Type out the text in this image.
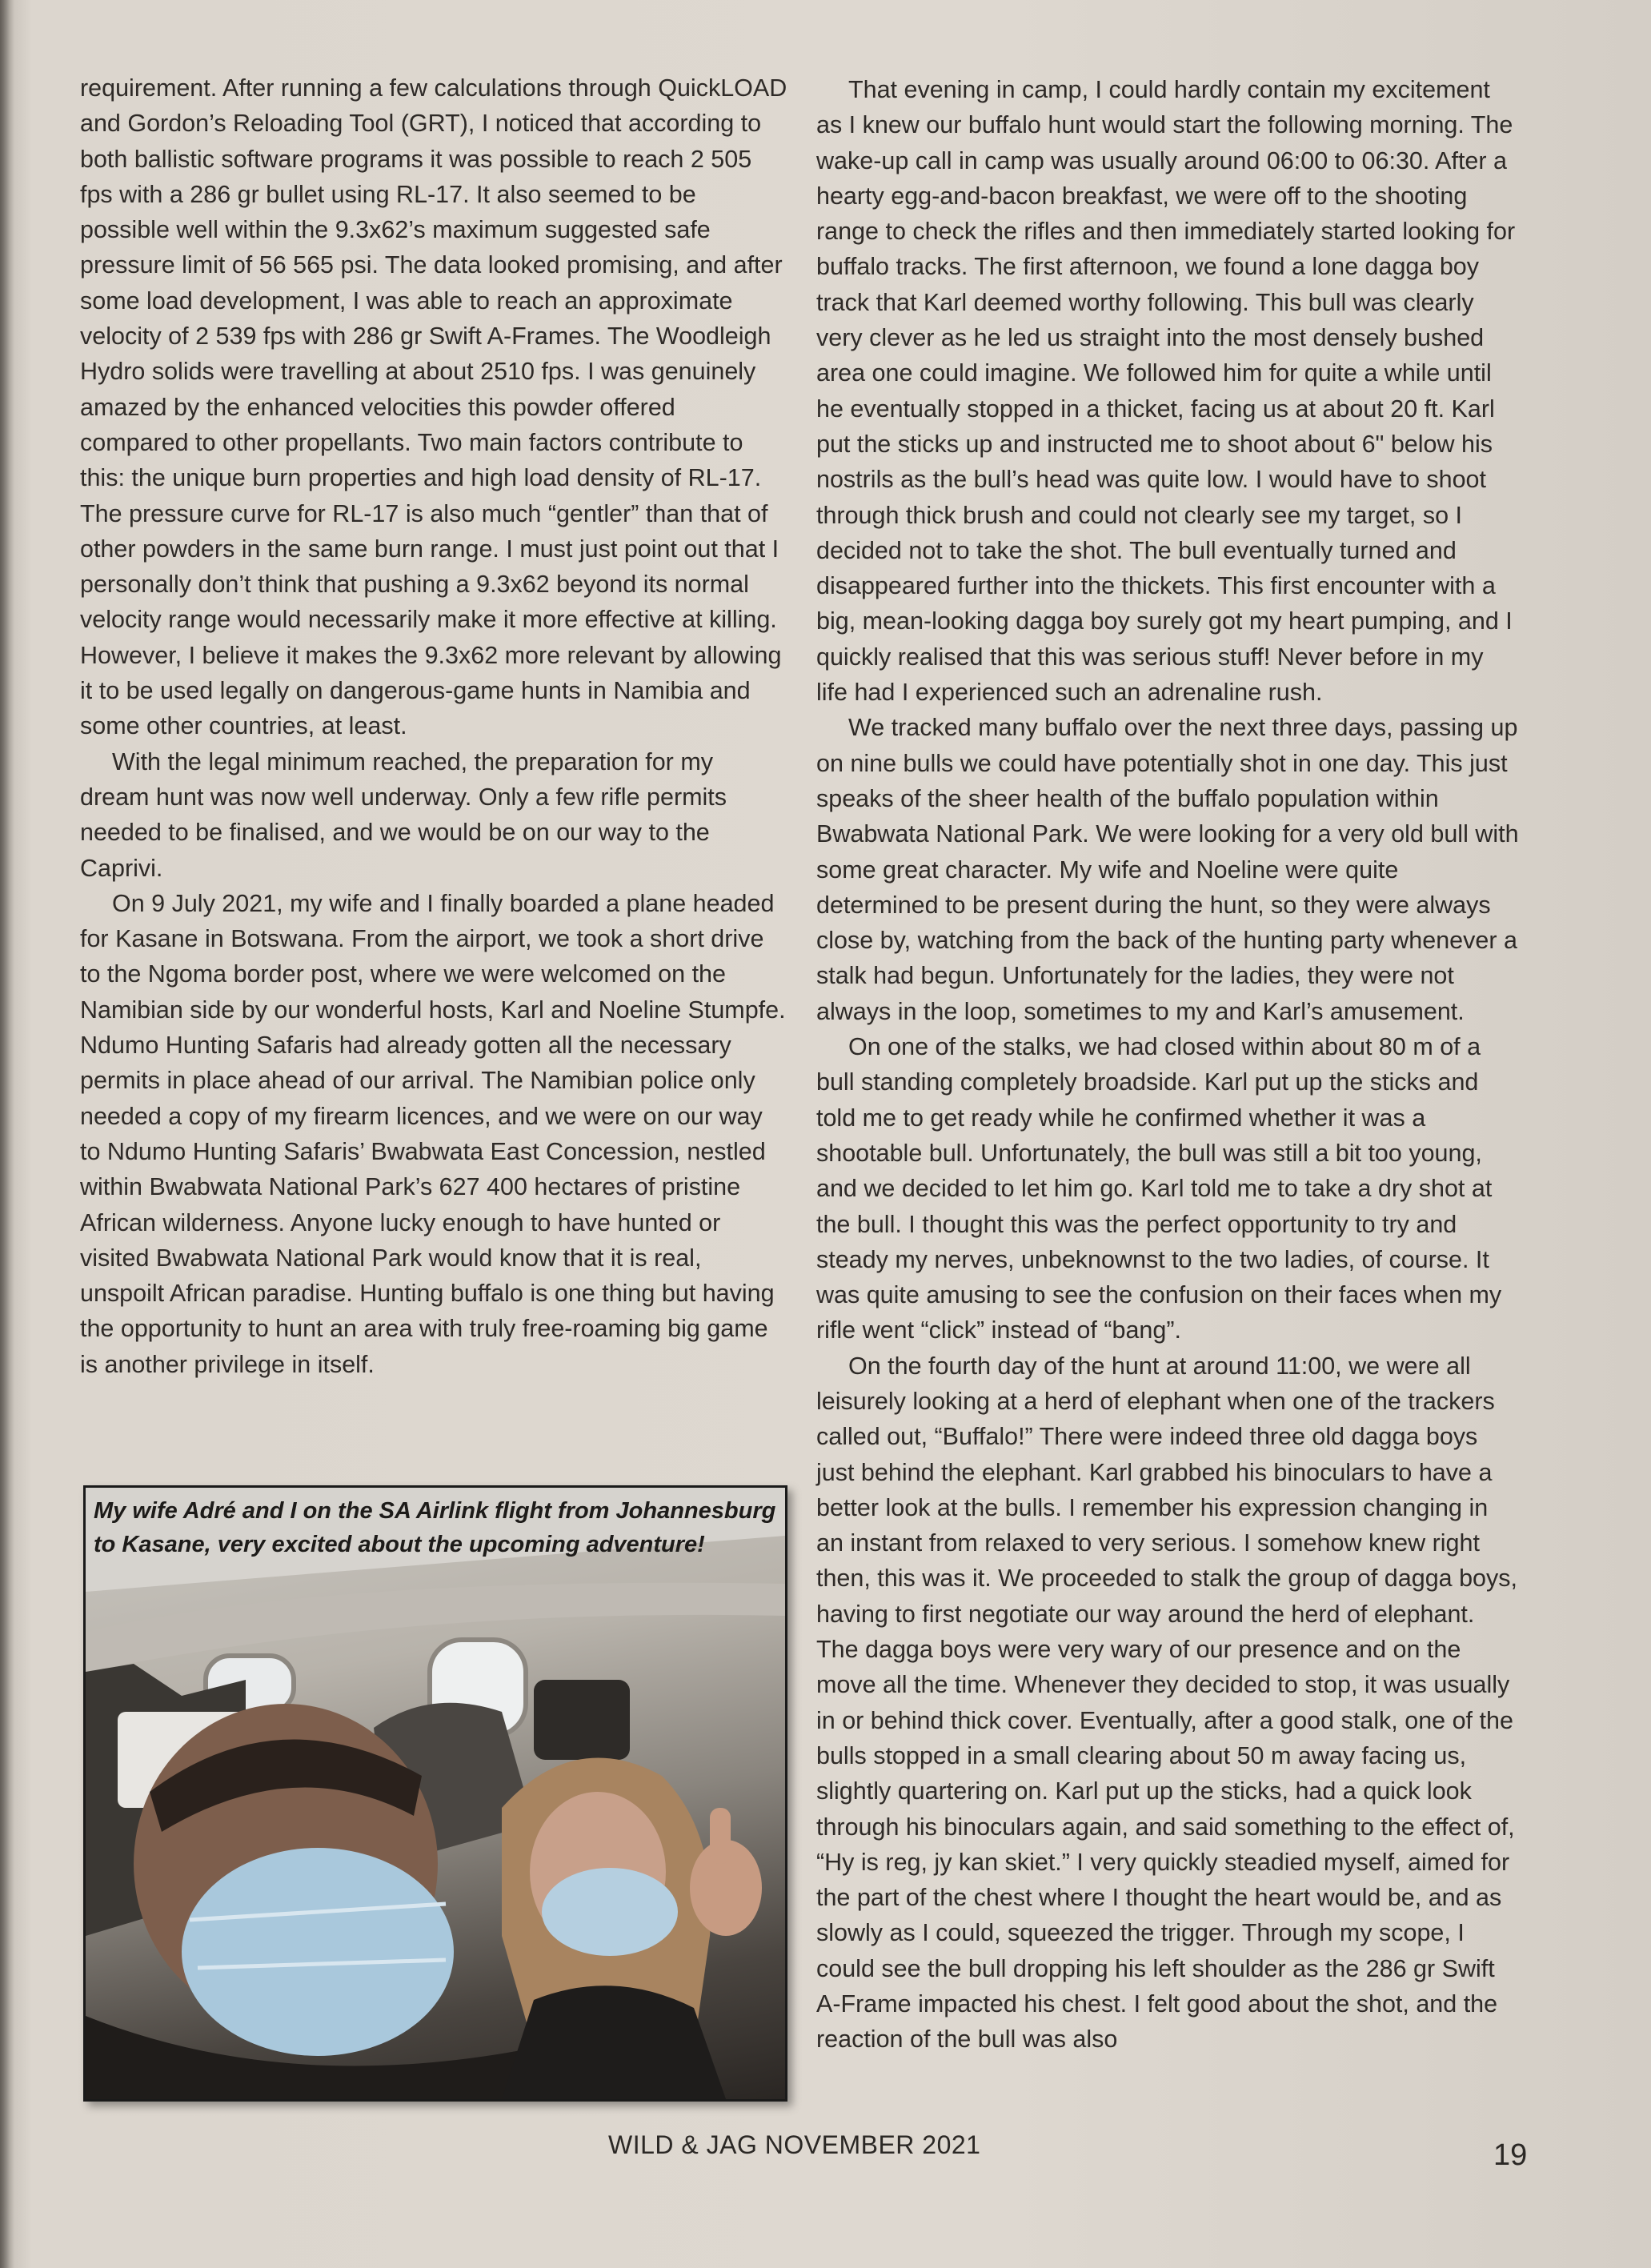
requirement. After running a few calculations through QuickLOAD and Gordon’s Reloading Tool (GRT), I noticed that according to both ballistic software programs it was possible to reach 2 505 fps with a 286 gr bullet using RL-17. It also seemed to be possible well within the 9.3x62’s maximum suggested safe pressure limit of 56 565 psi. The data looked promising, and after some load development, I was able to reach an approximate velocity of 2 539 fps with 286 gr Swift A-Frames. The Woodleigh Hydro solids were travelling at about 2510 fps. I was genuinely amazed by the enhanced velocities this powder offered compared to other propellants. Two main factors contribute to this: the unique burn properties and high load density of RL-17. The pressure curve for RL-17 is also much “gentler” than that of other powders in the same burn range. I must just point out that I personally don’t think that pushing a 9.3x62 beyond its normal velocity range would necessarily make it more effective at killing. However, I believe it makes the 9.3x62 more relevant by allowing it to be used legally on dangerous-game hunts in Namibia and some other countries, at least.

With the legal minimum reached, the preparation for my dream hunt was now well underway. Only a few rifle permits needed to be finalised, and we would be on our way to the Caprivi.

On 9 July 2021, my wife and I finally boarded a plane headed for Kasane in Botswana. From the airport, we took a short drive to the Ngoma border post, where we were welcomed on the Namibian side by our wonderful hosts, Karl and Noeline Stumpfe. Ndumo Hunting Safaris had already gotten all the necessary permits in place ahead of our arrival. The Namibian police only needed a copy of my firearm licences, and we were on our way to Ndumo Hunting Safaris’ Bwabwata East Concession, nestled within Bwabwata National Park’s 627 400 hectares of pristine African wilderness. Anyone lucky enough to have hunted or visited Bwabwata National Park would know that it is real, unspoilt African paradise. Hunting buffalo is one thing but having the opportunity to hunt an area with truly free-roaming big game is another privilege in itself.

My wife Adré and I on the SA Airlink flight from Johannesburg to Kasane, very excited about the upcoming adventure!

That evening in camp, I could hardly contain my excitement as I knew our buffalo hunt would start the following morning. The wake-up call in camp was usually around 06:00 to 06:30. After a hearty egg-and-bacon breakfast, we were off to the shooting range to check the rifles and then immediately started looking for buffalo tracks. The first afternoon, we found a lone dagga boy track that Karl deemed worthy following. This bull was clearly very clever as he led us straight into the most densely bushed area one could imagine. We followed him for quite a while until he eventually stopped in a thicket, facing us at about 20 ft. Karl put the sticks up and instructed me to shoot about 6" below his nostrils as the bull’s head was quite low. I would have to shoot through thick brush and could not clearly see my target, so I decided not to take the shot. The bull eventually turned and disappeared further into the thickets. This first encounter with a big, mean-looking dagga boy surely got my heart pumping, and I quickly realised that this was serious stuff! Never before in my life had I experienced such an adrenaline rush.

We tracked many buffalo over the next three days, passing up on nine bulls we could have potentially shot in one day. This just speaks of the sheer health of the buffalo population within Bwabwata National Park. We were looking for a very old bull with some great character. My wife and Noeline were quite determined to be present during the hunt, so they were always close by, watching from the back of the hunting party whenever a stalk had begun. Unfortunately for the ladies, they were not always in the loop, sometimes to my and Karl’s amusement.

On one of the stalks, we had closed within about 80 m of a bull standing completely broadside. Karl put up the sticks and told me to get ready while he confirmed whether it was a shootable bull. Unfortunately, the bull was still a bit too young, and we decided to let him go. Karl told me to take a dry shot at the bull. I thought this was the perfect opportunity to try and steady my nerves, unbeknownst to the two ladies, of course. It was quite amusing to see the confusion on their faces when my rifle went “click” instead of “bang”.

On the fourth day of the hunt at around 11:00, we were all leisurely looking at a herd of elephant when one of the trackers called out, “Buffalo!” There were indeed three old dagga boys just behind the elephant. Karl grabbed his binoculars to have a better look at the bulls. I remember his expression changing in an instant from relaxed to very serious. I somehow knew right then, this was it. We proceeded to stalk the group of dagga boys, having to first negotiate our way around the herd of elephant. The dagga boys were very wary of our presence and on the move all the time. Whenever they decided to stop, it was usually in or behind thick cover. Eventually, after a good stalk, one of the bulls stopped in a small clearing about 50 m away facing us, slightly quartering on. Karl put up the sticks, had a quick look through his binoculars again, and said something to the effect of, “Hy is reg, jy kan skiet.” I very quickly steadied myself, aimed for the part of the chest where I thought the heart would be, and as slowly as I could, squeezed the trigger. Through my scope, I could see the bull dropping his left shoulder as the 286 gr Swift A-Frame impacted his chest. I felt good about the shot, and the reaction of the bull was also

WILD & JAG NOVEMBER 2021	19
